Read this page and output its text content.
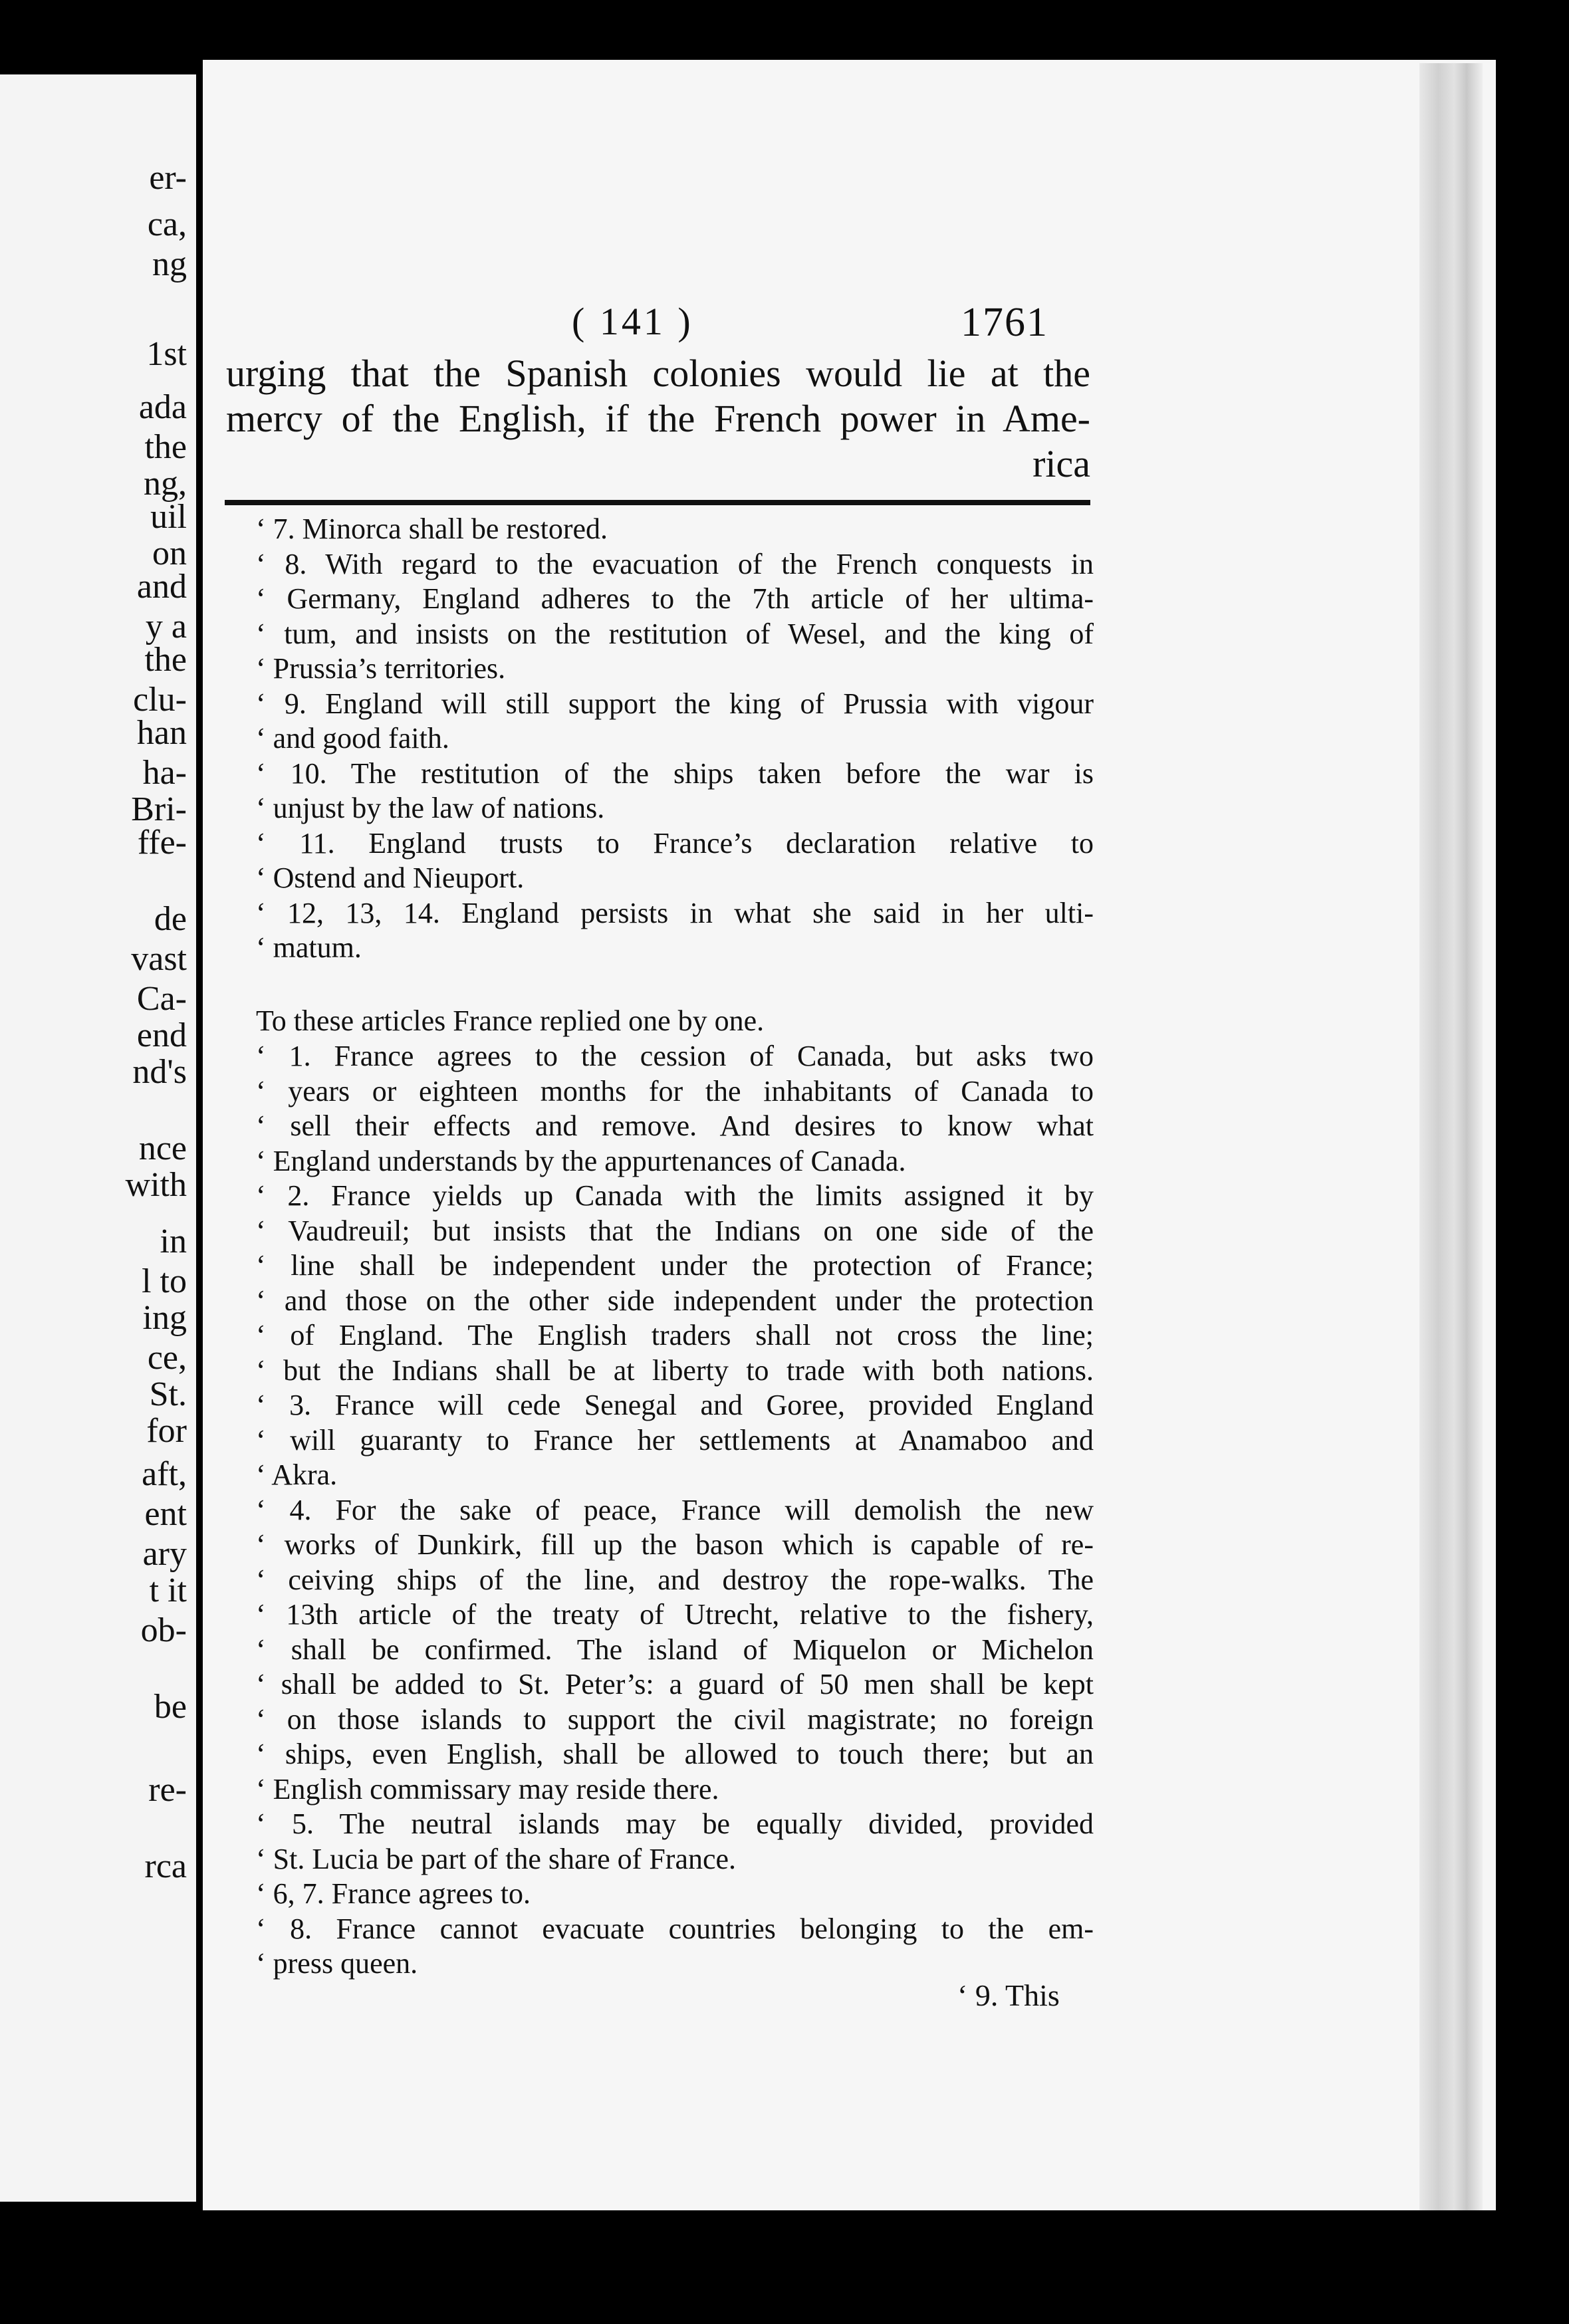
er-
ca,
ng
1st
ada
the
ng,
uil
on
and
y a
the
clu-
han
ha-
Bri-
ffe-
de
vast
Ca-
end
nd's
nce
with
in
l to
ing
ce,
St.
for
aft,
ent
ary
t it
ob-
be
re-
rca
( 141 )	1761
urging that the Spanish colonies would lie at the
mercy of the English, if the French power in Ame-
rica
‘ 7. Minorca shall be restored.
‘ 8. With regard to the evacuation of the French conquests in
‘ Germany, England adheres to the 7th article of her ultima-
‘ tum, and insists on the restitution of Wesel, and the king of
‘ Prussia’s territories.
‘ 9. England will still support the king of Prussia with vigour
‘ and good faith.
‘ 10. The restitution of the ships taken before the war is
‘ unjust by the law of nations.
‘ 11. England trusts to France’s declaration relative to
‘ Ostend and Nieuport.
‘ 12, 13, 14. England persists in what she said in her ulti-
‘ matum.
To these articles France replied one by one.
‘ 1. France agrees to the cession of Canada, but asks two
‘ years or eighteen months for the inhabitants of Canada to
‘ sell their effects and remove. And desires to know what
‘ England understands by the appurtenances of Canada.
‘ 2. France yields up Canada with the limits assigned it by
‘ Vaudreuil; but insists that the Indians on one side of the
‘ line shall be independent under the protection of France;
‘ and those on the other side independent under the protection
‘ of England. The English traders shall not cross the line;
‘ but the Indians shall be at liberty to trade with both nations.
‘ 3. France will cede Senegal and Goree, provided England
‘ will guaranty to France her settlements at Anamaboo and
‘ Akra.
‘ 4. For the sake of peace, France will demolish the new
‘ works of Dunkirk, fill up the bason which is capable of re-
‘ ceiving ships of the line, and destroy the rope-walks. The
‘ 13th article of the treaty of Utrecht, relative to the fishery,
‘ shall be confirmed. The island of Miquelon or Michelon
‘ shall be added to St. Peter’s: a guard of 50 men shall be kept
‘ on those islands to support the civil magistrate; no foreign
‘ ships, even English, shall be allowed to touch there; but an
‘ English commissary may reside there.
‘ 5. The neutral islands may be equally divided, provided
‘ St. Lucia be part of the share of France.
‘ 6, 7. France agrees to.
‘ 8. France cannot evacuate countries belonging to the em-
‘ press queen.
‘ 9. This
